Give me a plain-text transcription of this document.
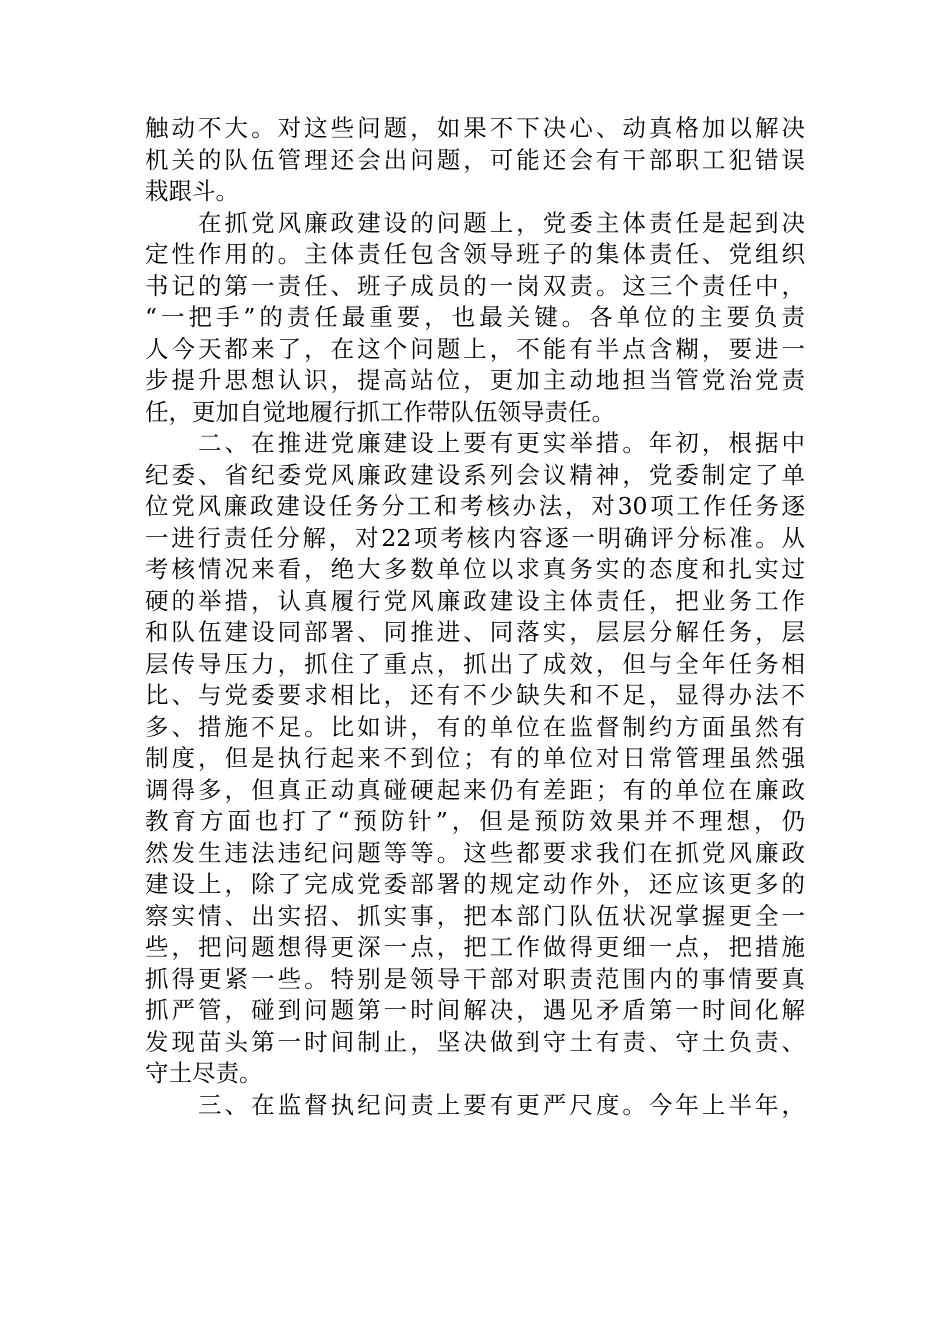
触动不大。对这些问题，如果不下决心、动真格加以解决
机关的队伍管理还会出问题，可能还会有干部职工犯错误
栽跟斗。
　　在抓党风廉政建设的问题上，党委主体责任是起到决
定性作用的。主体责任包含领导班子的集体责任、党组织
书记的第一责任、班子成员的一岗双责。这三个责任中，
“一把手”的责任最重要，也最关键。各单位的主要负责
人今天都来了，在这个问题上，不能有半点含糊，要进一
步提升思想认识，提高站位，更加主动地担当管党治党责
任，更加自觉地履行抓工作带队伍领导责任。
　　二、在推进党廉建设上要有更实举措。年初，根据中
纪委、省纪委党风廉政建设系列会议精神，党委制定了单
位党风廉政建设任务分工和考核办法，对30项工作任务逐
一进行责任分解，对22项考核内容逐一明确评分标准。从
考核情况来看，绝大多数单位以求真务实的态度和扎实过
硬的举措，认真履行党风廉政建设主体责任，把业务工作
和队伍建设同部署、同推进、同落实，层层分解任务，层
层传导压力，抓住了重点，抓出了成效，但与全年任务相
比、与党委要求相比，还有不少缺失和不足，显得办法不
多、措施不足。比如讲，有的单位在监督制约方面虽然有
制度，但是执行起来不到位；有的单位对日常管理虽然强
调得多，但真正动真碰硬起来仍有差距；有的单位在廉政
教育方面也打了“预防针”，但是预防效果并不理想，仍
然发生违法违纪问题等等。这些都要求我们在抓党风廉政
建设上，除了完成党委部署的规定动作外，还应该更多的
察实情、出实招、抓实事，把本部门队伍状况掌握更全一
些，把问题想得更深一点，把工作做得更细一点，把措施
抓得更紧一些。特别是领导干部对职责范围内的事情要真
抓严管，碰到问题第一时间解决，遇见矛盾第一时间化解
发现苗头第一时间制止，坚决做到守土有责、守土负责、
守土尽责。
　　三、在监督执纪问责上要有更严尺度。今年上半年，
